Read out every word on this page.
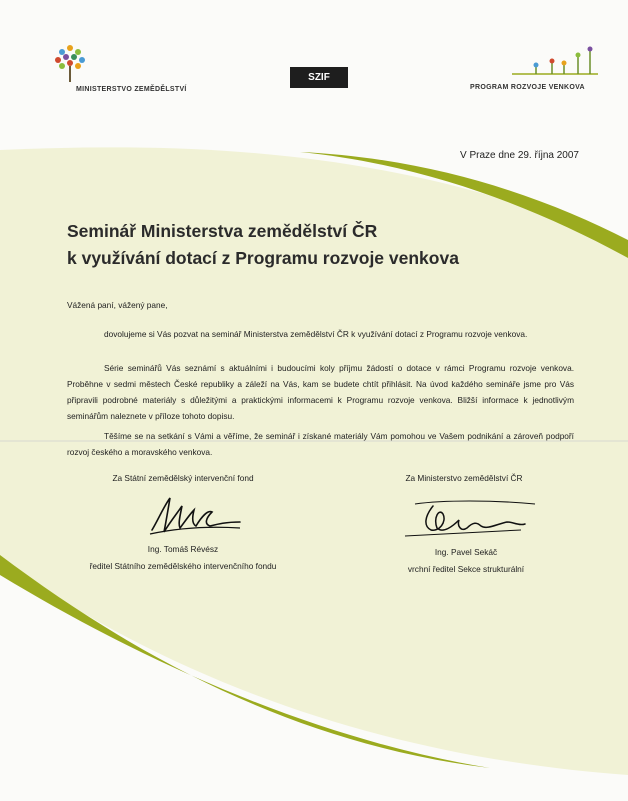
MINISTERSTVO ZEMĚDĚLSTVÍ
SZIF
PROGRAM ROZVOJE VENKOVA
V Praze dne 29. října 2007
Seminář Ministerstva zemědělství ČR
k využívání dotací z Programu rozvoje venkova
Vážená paní, vážený pane,
dovolujeme si Vás pozvat na seminář Ministerstva zemědělství ČR k využívání dotací z Programu rozvoje venkova.
Série seminářů Vás seznámí s aktuálními i budoucími koly příjmu žádostí o dotace v rámci Programu rozvoje venkova. Proběhne v sedmi městech České republiky a záleží na Vás, kam se budete chtít přihlásit. Na úvod každého semináře jsme pro Vás připravili podrobné materiály s důležitými a praktickými informacemi k Programu rozvoje venkova. Bližší informace k jednotlivým seminářům naleznete v příloze tohoto dopisu.
Těšíme se na setkání s Vámi a věříme, že seminář i získané materiály Vám pomohou ve Vašem podnikání a zároveň podpoří rozvoj českého a moravského venkova.
Za Státní zemědělský intervenční fond
Ing. Tomáš Révész
ředitel Státního zemědělského intervenčního fondu
Za Ministerstvo zemědělství ČR
Ing. Pavel Sekáč
vrchní ředitel Sekce strukturální
